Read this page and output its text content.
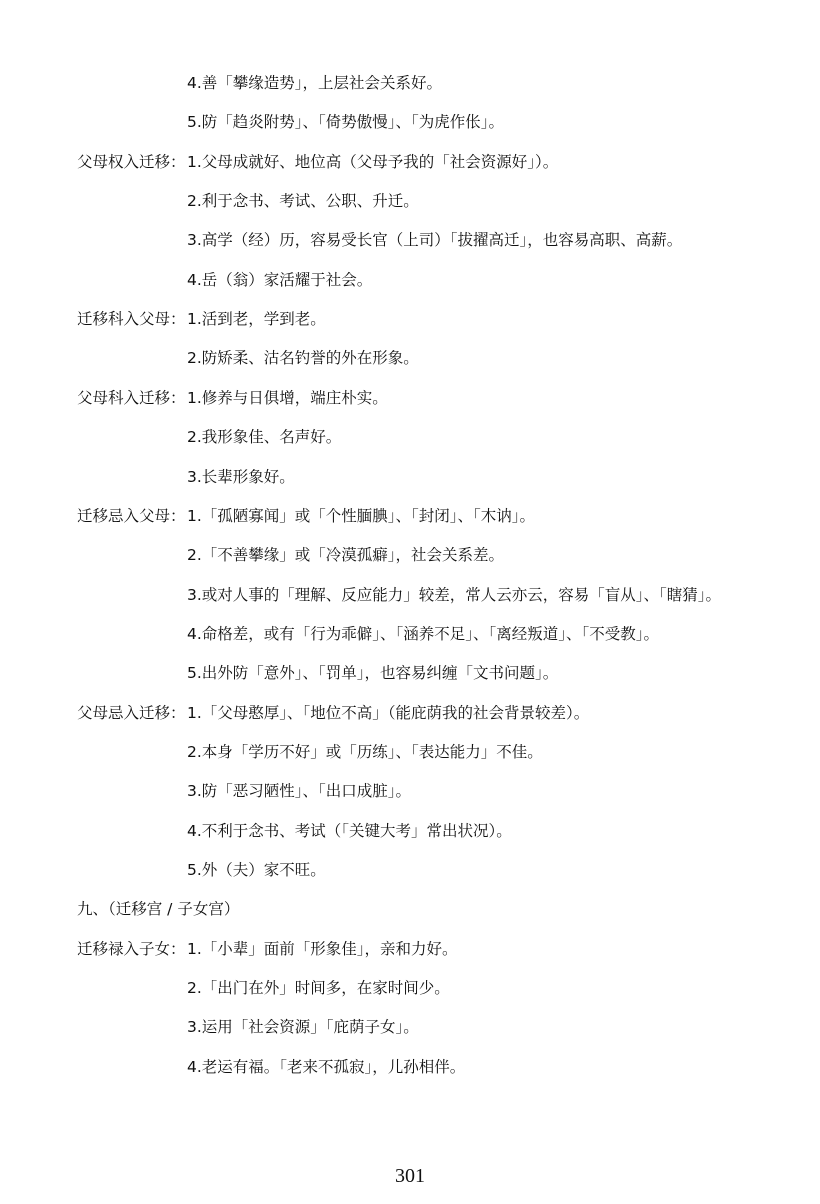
4.善「攀缘造势」，上层社会关系好。
5.防「趋炎附势」、「倚势傲慢」、「为虎作伥」。
父母权入迁移： 1.父母成就好、地位高（父母予我的「社会资源好」）。
2.利于念书、考试、公职、升迁。
3.高学（经）历，容易受长官（上司）「拔擢高迁」，也容易高职、高薪。
4.岳（翁）家活耀于社会。
迁移科入父母： 1.活到老，学到老。
2.防矫柔、沽名钓誉的外在形象。
父母科入迁移： 1.修养与日俱增，端庄朴实。
2.我形象佳、名声好。
3.长辈形象好。
迁移忌入父母： 1.「孤陋寡闻」或「个性腼腆」、「封闭」、「木讷」。
2.「不善攀缘」或「冷漠孤癖」，社会关系差。
3.或对人事的「理解、反应能力」较差，常人云亦云，容易「盲从」、「瞎猜」。
4.命格差，或有「行为乖僻」、「涵养不足」、「离经叛道」、「不受教」。
5.出外防「意外」、「罚单」，也容易纠缠「文书问题」。
父母忌入迁移： 1.「父母憨厚」、「地位不高」（能庇荫我的社会背景较差）。
2.本身「学历不好」或「历练」、「表达能力」不佳。
3.防「恶习陋性」、「出口成脏」。
4.不利于念书、考试（「关键大考」常出状况）。
5.外（夫）家不旺。
九、（迁移宫 / 子女宫）
迁移禄入子女： 1.「小辈」面前「形象佳」，亲和力好。
2.「出门在外」时间多，在家时间少。
3.运用「社会资源」「庇荫子女」。
4.老运有福。「老来不孤寂」，儿孙相伴。
301
